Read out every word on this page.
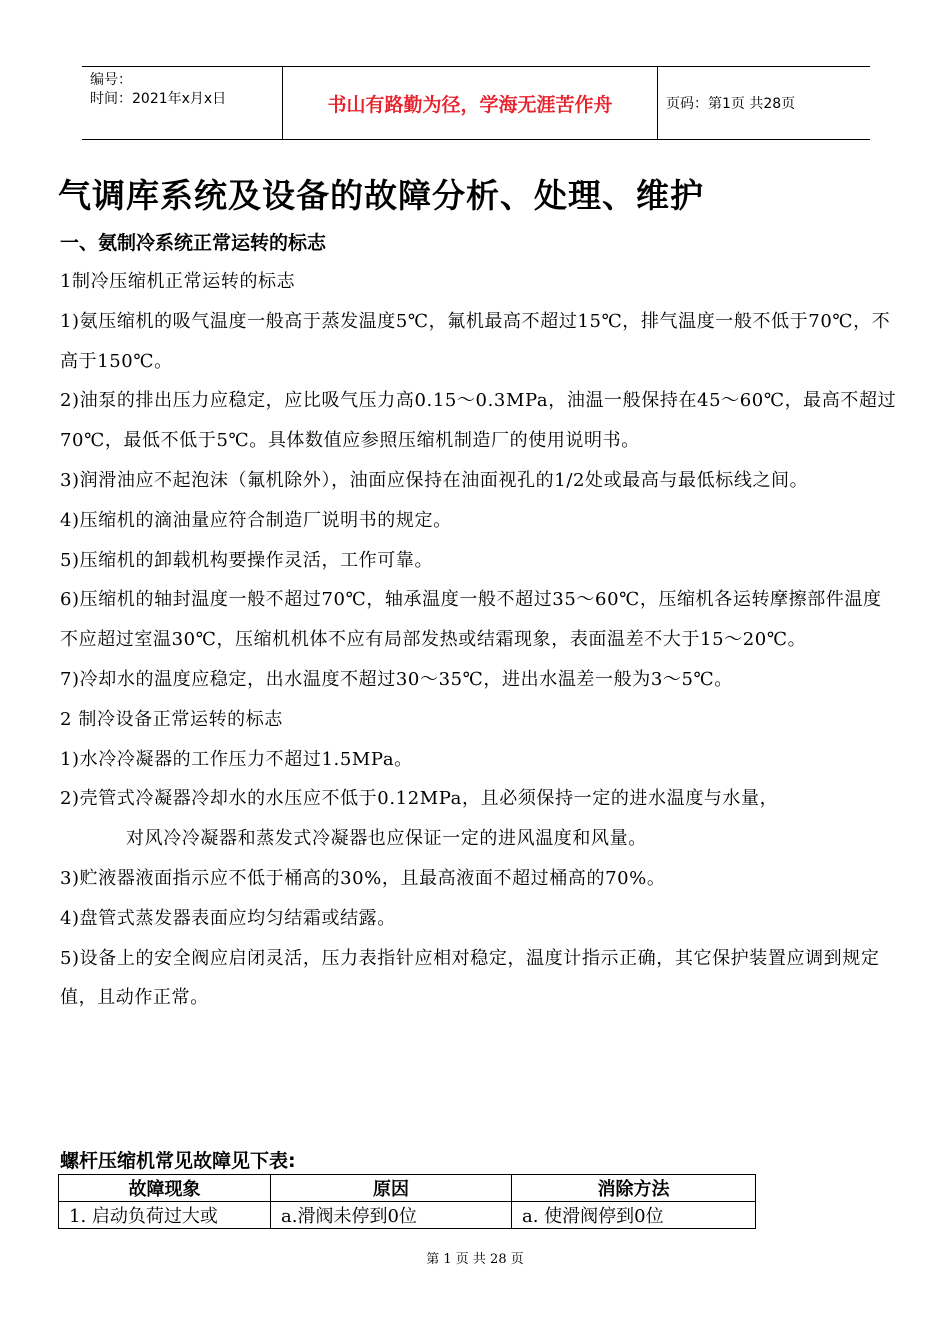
编号：
时间：2021年x月x日	书山有路勤为径，学海无涯苦作舟	页码：第1页 共28页
气调库系统及设备的故障分析、处理、维护
一、氨制冷系统正常运转的标志

1制冷压缩机正常运转的标志

1)氨压缩机的吸气温度一般高于蒸发温度5℃，氟机最高不超过15℃，排气温度一般不低于70℃，不高于150℃。

2)油泵的排出压力应稳定，应比吸气压力高0.15～0.3MPa，油温一般保持在45～60℃，最高不超过70℃，最低不低于5℃。具体数值应参照压缩机制造厂的使用说明书。

3)润滑油应不起泡沫（氟机除外），油面应保持在油面视孔的1/2处或最高与最低标线之间。

4)压缩机的滴油量应符合制造厂说明书的规定。

5)压缩机的卸载机构要操作灵活，工作可靠。

6)压缩机的轴封温度一般不超过70℃，轴承温度一般不超过35～60℃，压缩机各运转摩擦部件温度不应超过室温30℃，压缩机机体不应有局部发热或结霜现象，表面温差不大于15～20℃。

7)冷却水的温度应稳定，出水温度不超过30～35℃，进出水温差一般为3～5℃。

2 制冷设备正常运转的标志

1)水冷冷凝器的工作压力不超过1.5MPa。

2)壳管式冷凝器冷却水的水压应不低于0.12MPa，且必须保持一定的进水温度与水量，

对风冷冷凝器和蒸发式冷凝器也应保证一定的进风温度和风量。

3)贮液器液面指示应不低于桶高的30%，且最高液面不超过桶高的70%。

4)盘管式蒸发器表面应均匀结霜或结露。

5)设备上的安全阀应启闭灵活，压力表指针应相对稳定，温度计指示正确，其它保护装置应调到规定值，且动作正常。

螺杆压缩机常见故障见下表:
故障现象	原因	消除方法
1. 启动负荷过大或	a.滑阀未停到0位	a. 使滑阀停到0位
第 1 页 共 28 页
